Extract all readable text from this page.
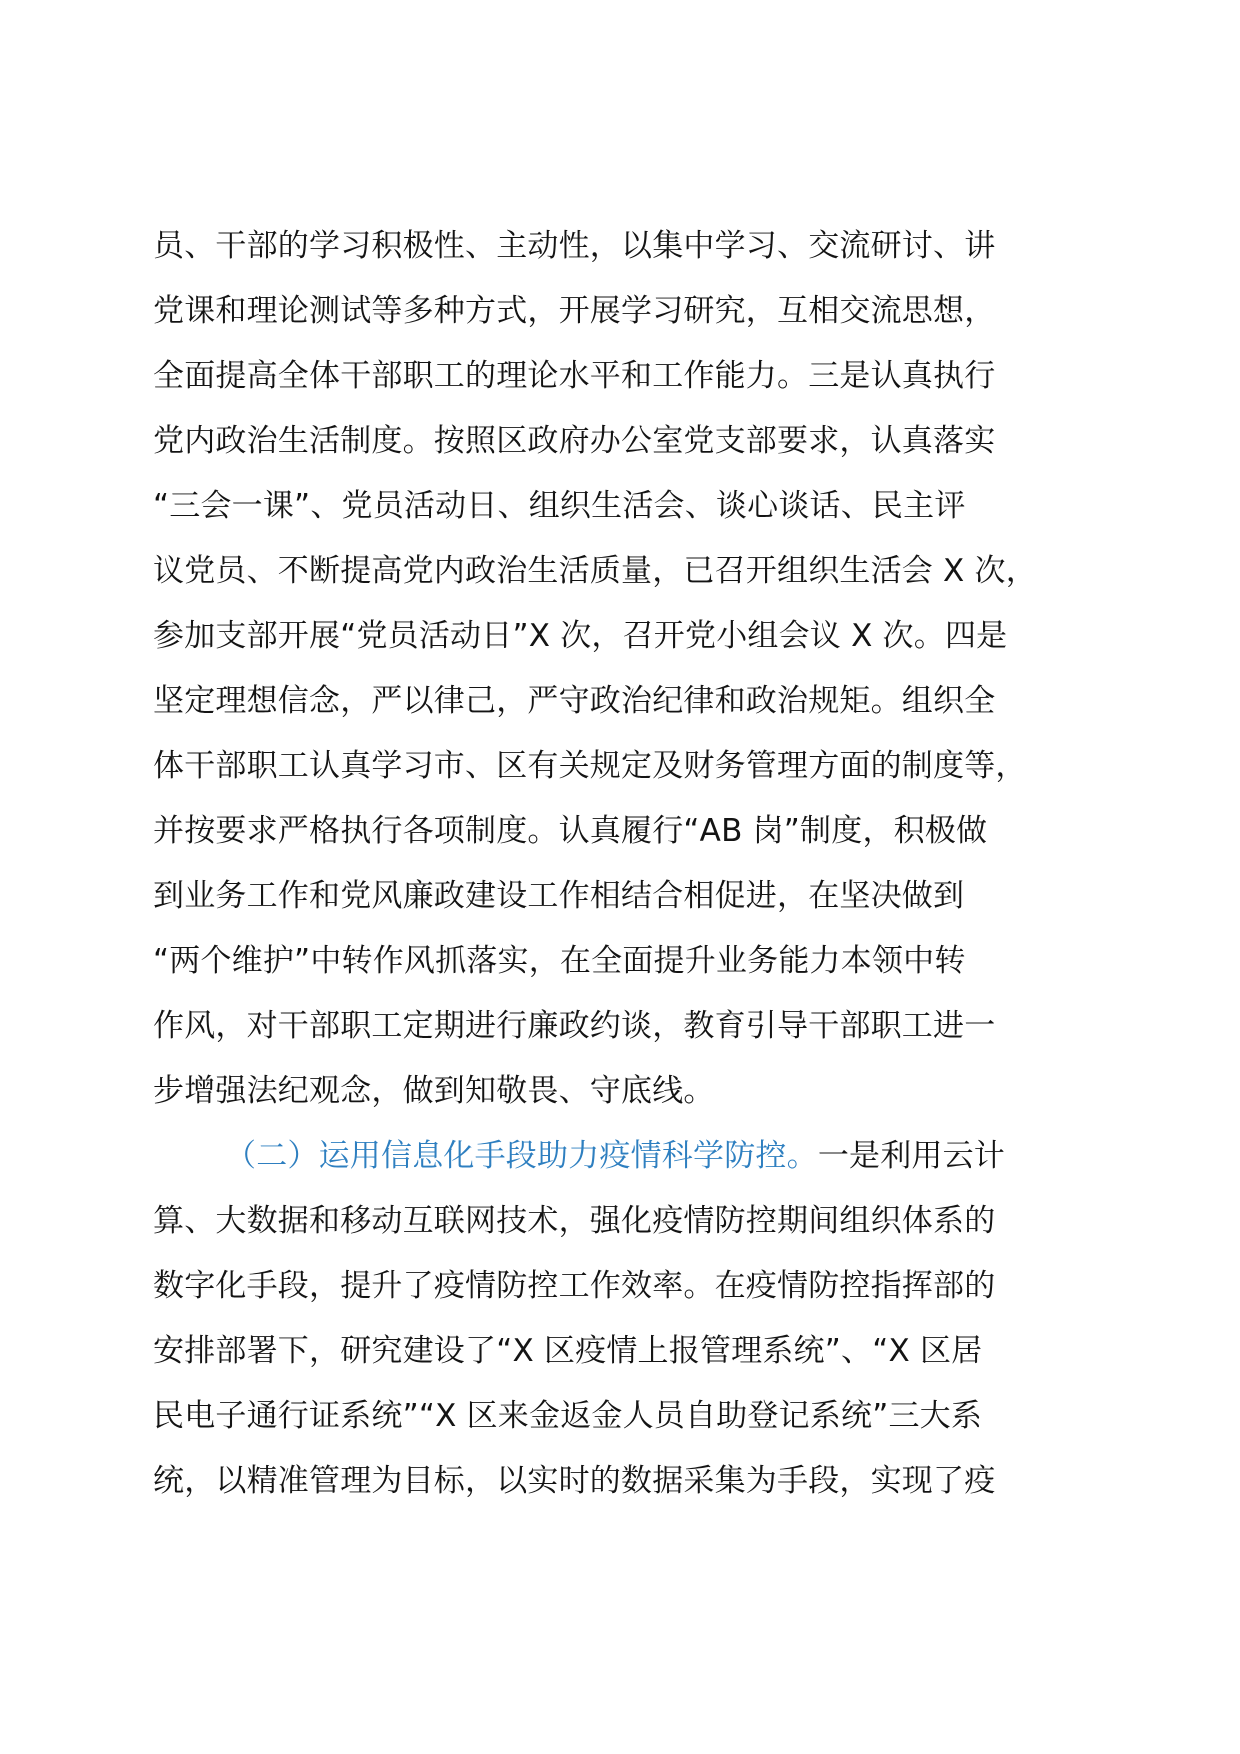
员、干部的学习积极性、主动性，以集中学习、交流研讨、讲
党课和理论测试等多种方式，开展学习研究，互相交流思想，
全面提高全体干部职工的理论水平和工作能力。三是认真执行
党内政治生活制度。按照区政府办公室党支部要求，认真落实
“三会一课”、党员活动日、组织生活会、谈心谈话、民主评
议党员、不断提高党内政治生活质量，已召开组织生活会 X 次，
参加支部开展“党员活动日”X 次，召开党小组会议 X 次。四是
坚定理想信念，严以律己，严守政治纪律和政治规矩。组织全
体干部职工认真学习市、区有关规定及财务管理方面的制度等，
并按要求严格执行各项制度。认真履行“AB 岗”制度，积极做
到业务工作和党风廉政建设工作相结合相促进，在坚决做到
“两个维护”中转作风抓落实，在全面提升业务能力本领中转
作风，对干部职工定期进行廉政约谈，教育引导干部职工进一
步增强法纪观念，做到知敬畏、守底线。
（二）运用信息化手段助力疫情科学防控。一是利用云计
算、大数据和移动互联网技术，强化疫情防控期间组织体系的
数字化手段，提升了疫情防控工作效率。在疫情防控指挥部的
安排部署下，研究建设了“X 区疫情上报管理系统”、“X 区居
民电子通行证系统”“X 区来金返金人员自助登记系统”三大系
统，以精准管理为目标，以实时的数据采集为手段，实现了疫
